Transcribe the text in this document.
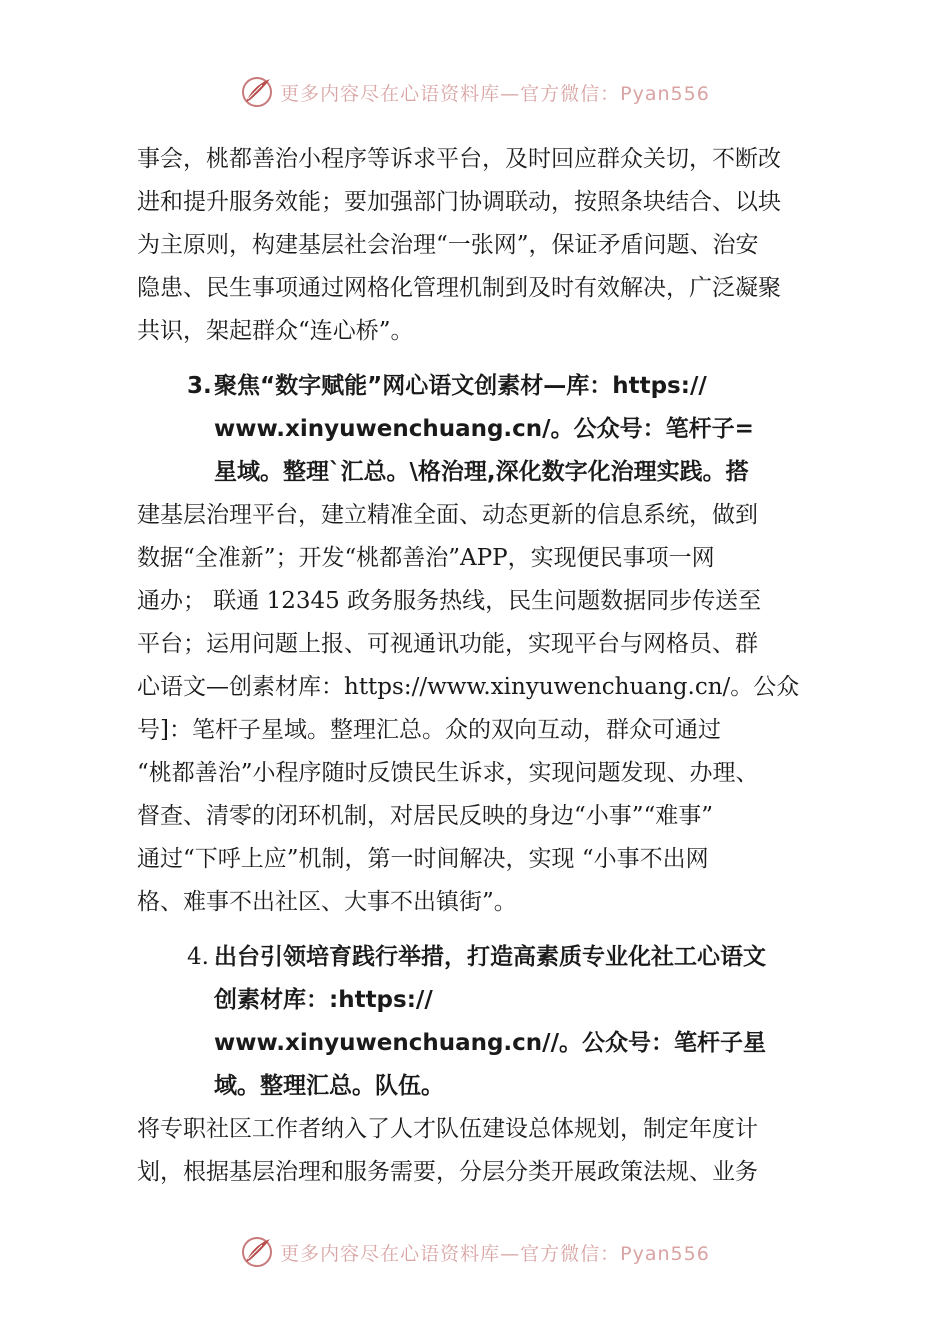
更多内容尽在心语资料库—官方微信：Pyan556

事会，桃都善治小程序等诉求平台，及时回应群众关切，不断改

进和提升服务效能；要加强部门协调联动，按照条块结合、以块

为主原则，构建基层社会治理“一张网”，保证矛盾问题、治安

隐患、民生事项通过网格化管理机制到及时有效解决，广泛凝聚

共识，架起群众“连心桥”。

3. 聚焦“数字赋能”网心语文创素材—库：https://

www.xinyuwenchuang.cn/。公众号：笔杆子=

星域。整理`汇总。\格治理,深化数字化治理实践。搭

建基层治理平台，建立精准全面、动态更新的信息系统，做到

数据“全准新”；开发“桃都善治”APP，实现便民事项一网

通办； 联通 12345 政务服务热线，民生问题数据同步传送至

平台；运用问题上报、可视通讯功能，实现平台与网格员、群

心语文—创素材库：https://www.xinyuwenchuang.cn/。公众

号]：笔杆子星域。整理汇总。众的双向互动，群众可通过

“桃都善治”小程序随时反馈民生诉求，实现问题发现、办理、

督查、清零的闭环机制，对居民反映的身边“小事”“难事”

通过“下呼上应”机制，第一时间解决，实现 “小事不出网

格、难事不出社区、大事不出镇街”。

4. 出台引领培育践行举措，打造高素质专业化社工心语文

创素材库：:https://

www.xinyuwenchuang.cn//。公众号：笔杆子星

域。整理汇总。队伍。

将专职社区工作者纳入了人才队伍建设总体规划，制定年度计

划，根据基层治理和服务需要，分层分类开展政策法规、业务

更多内容尽在心语资料库—官方微信：Pyan556
